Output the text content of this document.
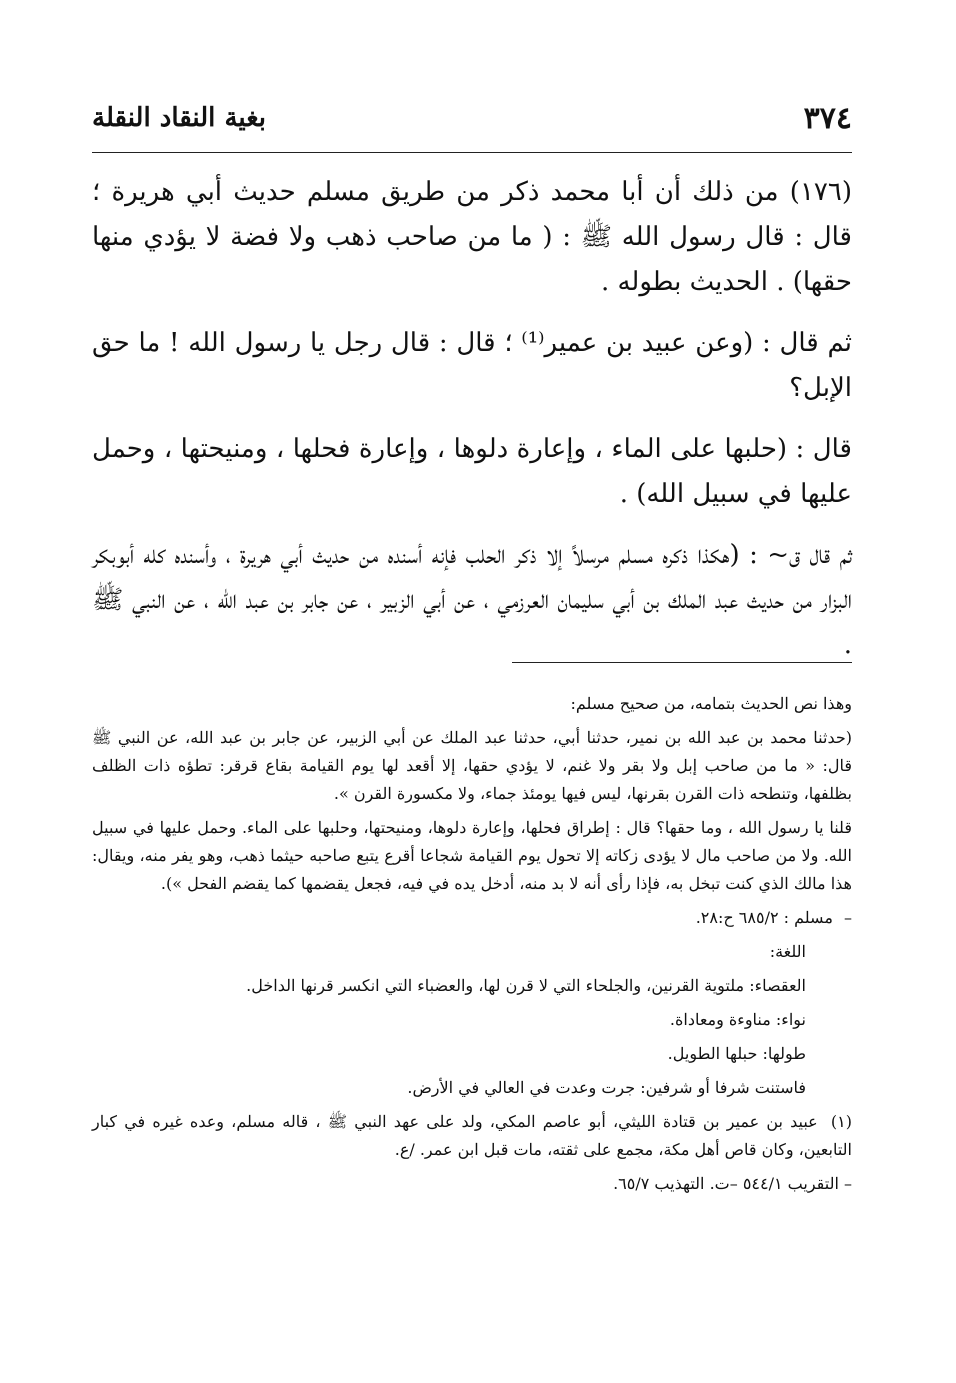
٣٧٤
بغية النقاد النقلة

(١٧٦) من ذلك أن أبا محمد ذكر من طريق مسلم حديث أبي هريرة ؛ قال : قال رسول الله ﷺ : ( ما من صاحب ذهب ولا فضة لا يؤدي منها حقها) . الحديث بطوله .

ثم قال : (وعن عبيد بن عمير⁽¹⁾ ؛ قال : قال رجل يا رسول الله ! ما حق الإبل؟

قال : (حلبها على الماء ، وإعارة دلوها ، وإعارة فحلها ، ومنيحتها ، وحمل عليها في سبيل الله) .

ثم قال ق~ : (هكذا ذكره مسلم مرسلاً إلا ذكر الحلب فإنه أسنده من حديث أبي هريرة ، وأسنده كله أبوبكر البزار من حديث عبد الملك بن أبي سليمان العرزمي ، عن أبي الزبير ، عن جابر بن عبد الله ، عن النبي ﷺ .

وهذا نص الحديث بتمامه، من صحيح مسلم:

(حدثنا محمد بن عبد الله بن نمير، حدثنا أبي، حدثنا عبد الملك عن أبي الزبير، عن جابر بن عبد الله، عن النبي ﷺ قال: « ما من صاحب إبل ولا بقر ولا غنم، لا يؤدي حقها، إلا أقعد لها يوم القيامة بقاع قرقر: تطؤه ذات الظلف بظلفها، وتنطحه ذات القرن بقرنها، ليس فيها يومئذ جماء، ولا مكسورة القرن ».

قلنا يا رسول الله ، وما حقها؟ قال : إطراق فحلها، وإعارة دلوها، ومنيحتها، وحلبها على الماء. وحمل عليها في سبيل الله. ولا من صاحب مال لا يؤدى زكاته إلا تحول يوم القيامة شجاعا أقرع يتبع صاحبه حيثما ذهب، وهو يفر منه، ويقال: هذا مالك الذي كنت تبخل به، فإذا رأى أنه لا بد منه، أدخل يده في فيه، فجعل يقضمها كما يقضم الفحل »).

– مسلم : ٦٨٥/٢ ح:٢٨.

اللغة:

العقصاء: ملتوية القرنين، والجلحاء التي لا قرن لها، والعضباء التي انكسر قرنها الداخل.

نواء: مناوءة ومعاداة.

طولها: حبلها الطويل.

فاستنت شرفا أو شرفين: جرت وعدت في العالي في الأرض.

(١) عبيد بن عمير بن قتادة الليثي، أبو عاصم المكي، ولد على عهد النبي ﷺ ، قاله مسلم، وعده غيره في كبار التابعين، وكان قاص أهل مكة، مجمع على ثقته، مات قبل ابن عمر. /ع.

– التقريب ٥٤٤/١ –ت. التهذيب ٦٥/٧.
